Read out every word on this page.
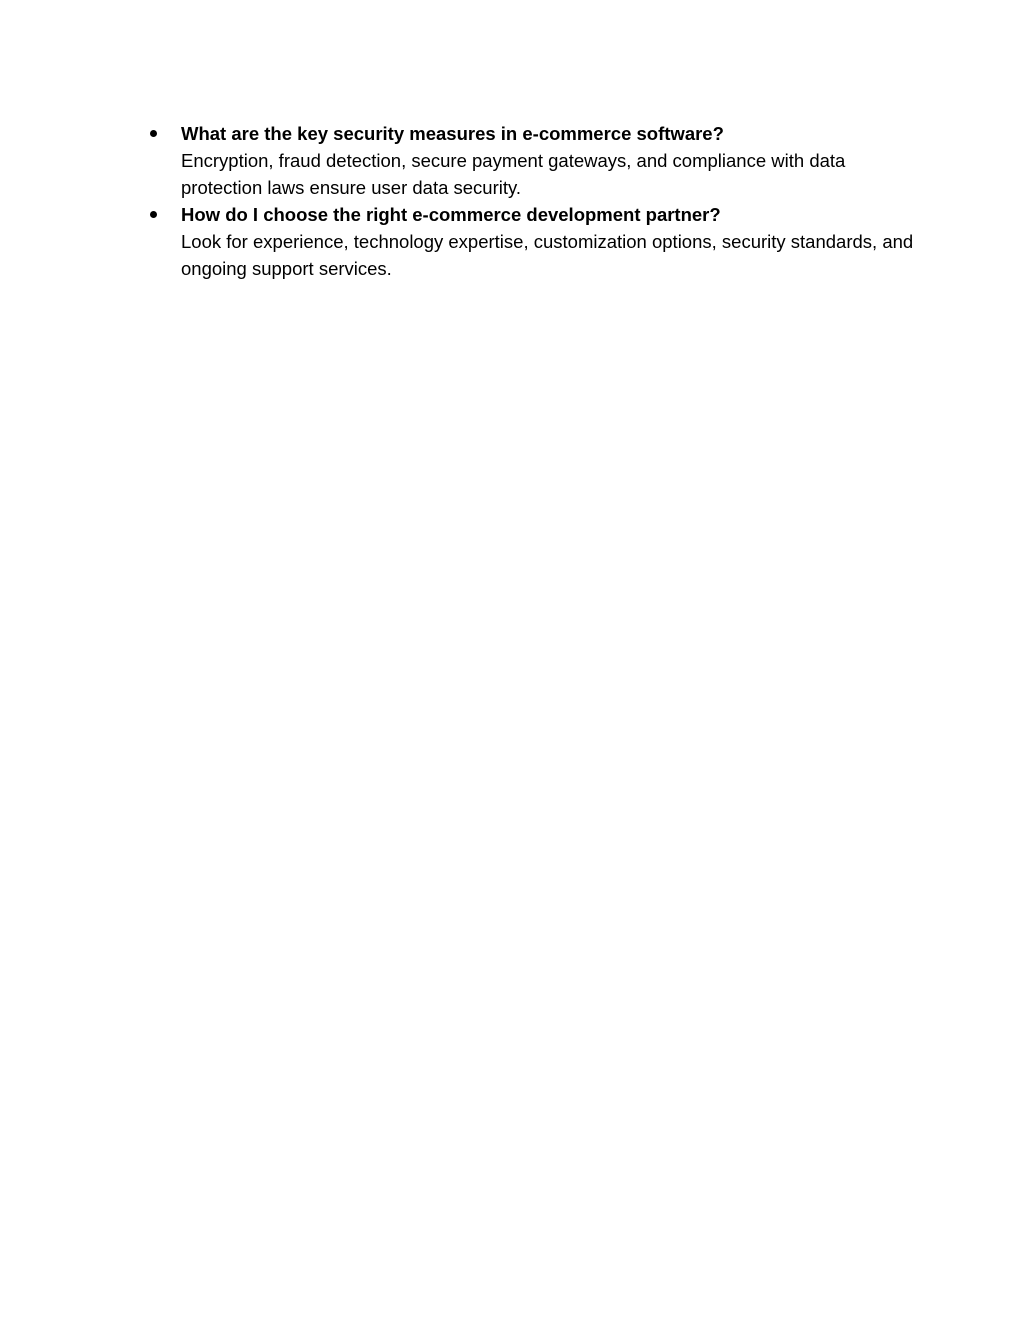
What are the key security measures in e-commerce software?
Encryption, fraud detection, secure payment gateways, and compliance with data protection laws ensure user data security.
How do I choose the right e-commerce development partner?
Look for experience, technology expertise, customization options, security standards, and ongoing support services.
